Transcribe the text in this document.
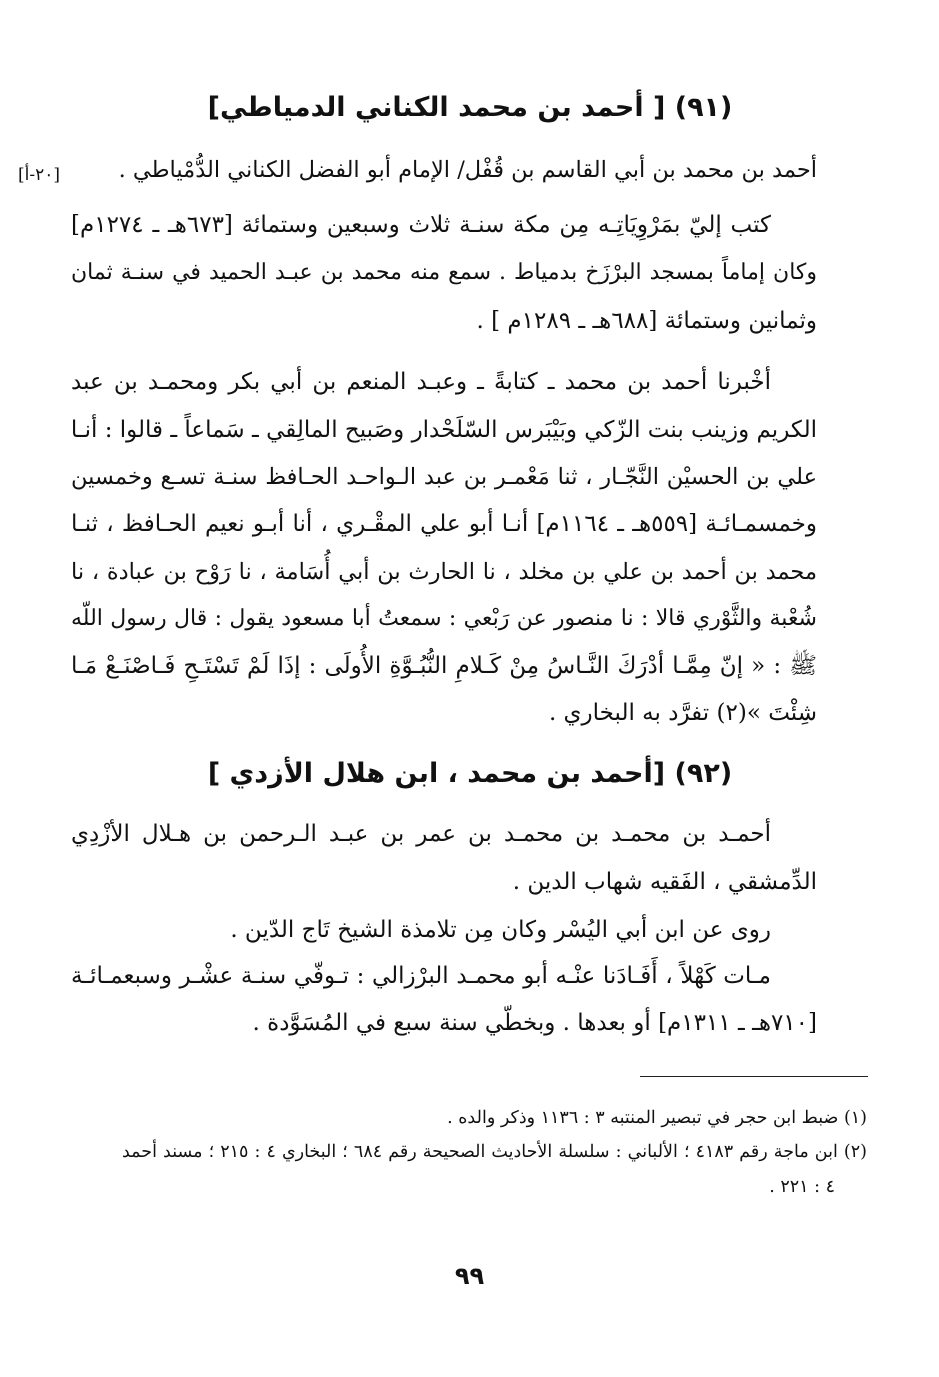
(٩١) [ أحمد بن محمد الكناني الدمياطي]
[٢٠-أ]	أحمد بن محمد بن أبي القاسم بن قُفْل/ الإمام أبو الفضل الكناني الدُّمْياطي .
كتب إليّ بمَرْوِيَاتِـه مِن مكة سنـة ثلاث وسبعين وستمائة [٦٧٣هـ ـ ١٢٧٤م]
وكان إماماً بمسجد البرْزَخ بدمياط . سمع منه محمد بن عبـد الحميد في سنـة ثمان
وثمانين وستمائة [٦٨٨هـ ـ ١٢٨٩م ] .
أخْبرنا أحمد بن محمد ـ كتابةً ـ وعبـد المنعم بن أبي بكر ومحمـد بن عبد
الكريم وزينب بنت الزّكي وبَيْبَرس السّلَحْدار وصَبيح المالِقي ـ سَماعاً ـ قالوا : أنـا
علي بن الحسيْن النَّجّـار ، ثنا مَعْمـر بن عبد الـواحـد الحـافظ سنـة تسـع وخمسين
وخمسمـائـة [٥٥٩هـ ـ ١١٦٤م] أنـا أبو علي المقْـري ، أنا أبـو نعيم الحـافظ ، ثنـا
محمد بن أحمد بن علي بن مخلد ، نا الحارث بن أبي أُسَامة ، نا رَوْح بن عبادة ، نا
شُعْبة والثَّوْري قالا : نا منصور عن رَبْعي : سمعتُ أبا مسعود يقول : قال رسول اللّه
ﷺ : « إنّ مِمَّـا أدْرَكَ النَّـاسُ مِنْ كَـلامِ النُّبُـوَّةِ الأُولَى : إذَا لَمْ تَسْتَـحِ فَـاصْنَـعْ مَـا
شِئْتَ »(٢) تفرَّد به البخاري .
(٩٢) [أحمد بن محمد ، ابن هلال الأزدي ]
أحمـد بن محمـد بن محمـد بن عمر بن عبـد الـرحمن بن هـلال الأزْدِي
الدِّمشقي ، الفَقيه شهاب الدين .
روى عن ابن أبي اليُسْر وكان مِن تلامذة الشيخ تَاج الدّين .
مـات كَهْلاً ، أَفَـادَنا عنْـه أبو محمـد البرْزالي : تـوفّي سنـة عشْـر وسبعمـائـة
[٧١٠هـ ـ ١٣١١م] أو بعدها . وبخطّي سنة سبع في المُسَوَّدة .
(١) ضبط ابن حجر في تبصير المنتبه ٣ : ١١٣٦ وذكر والده .
(٢) ابن ماجة رقم ٤١٨٣ ؛ الألباني : سلسلة الأحاديث الصحيحة رقم ٦٨٤ ؛ البخاري ٤ : ٢١٥ ؛ مسند أحمد
٤ : ٢٢١ .
٩٩
